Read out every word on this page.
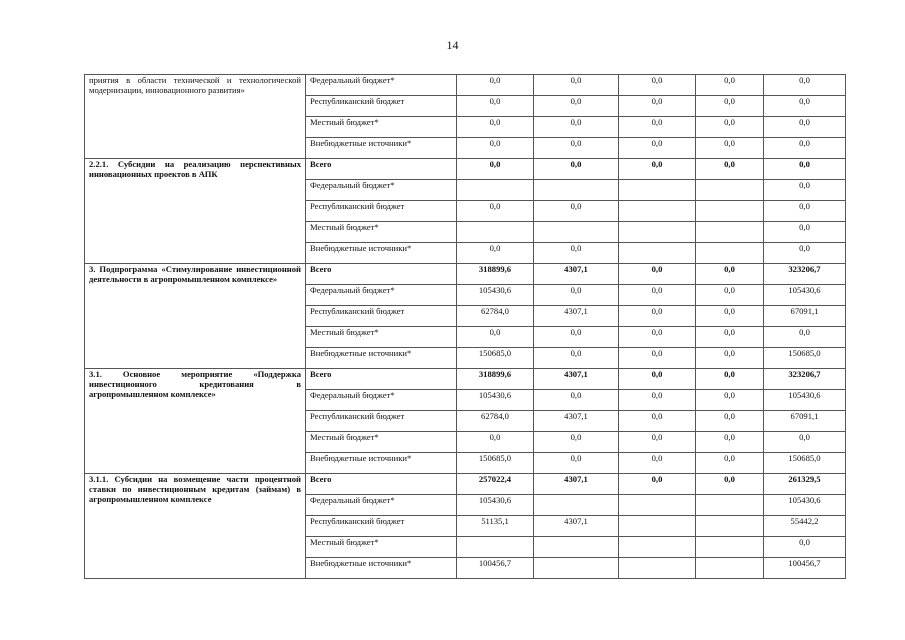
14
приятия в области технической и технологической модернизации, инновационного развития»	Федеральный бюджет*	0,0	0,0	0,0	0,0	0,0
	Республиканский бюджет	0,0	0,0	0,0	0,0	0,0
	Местный бюджет*	0,0	0,0	0,0	0,0	0,0
	Внебюджетные источники*	0,0	0,0	0,0	0,0	0,0
2.2.1. Субсидии на реализацию перспективных инновационных проектов в АПК	Всего	0,0	0,0	0,0	0,0	0,0
	Федеральный бюджет*					0,0
	Республиканский бюджет	0,0	0,0			0,0
	Местный бюджет*					0,0
	Внебюджетные источники*	0,0	0,0			0,0
3. Подпрограмма «Стимулирование инвестиционной деятельности в агропромышленном комплексе»	Всего	318899,6	4307,1	0,0	0,0	323206,7
	Федеральный бюджет*	105430,6	0,0	0,0	0,0	105430,6
	Республиканский бюджет	62784,0	4307,1	0,0	0,0	67091,1
	Местный бюджет*	0,0	0,0	0,0	0,0	0,0
	Внебюджетные источники*	150685,0	0,0	0,0	0,0	150685,0
3.1. Основное мероприятие «Поддержка инвестиционного кредитования в агропромышленном комплексе»	Всего	318899,6	4307,1	0,0	0,0	323206,7
	Федеральный бюджет*	105430,6	0,0	0,0	0,0	105430,6
	Республиканский бюджет	62784,0	4307,1	0,0	0,0	67091,1
	Местный бюджет*	0,0	0,0	0,0	0,0	0,0
	Внебюджетные источники*	150685,0	0,0	0,0	0,0	150685,0
3.1.1. Субсидии на возмещение части процентной ставки по инвестиционным кредитам (займам) в агропромышленном комплексе	Всего	257022,4	4307,1	0,0	0,0	261329,5
	Федеральный бюджет*	105430,6				105430,6
	Республиканский бюджет	51135,1	4307,1			55442,2
	Местный бюджет*					0,0
	Внебюджетные источники*	100456,7				100456,7
